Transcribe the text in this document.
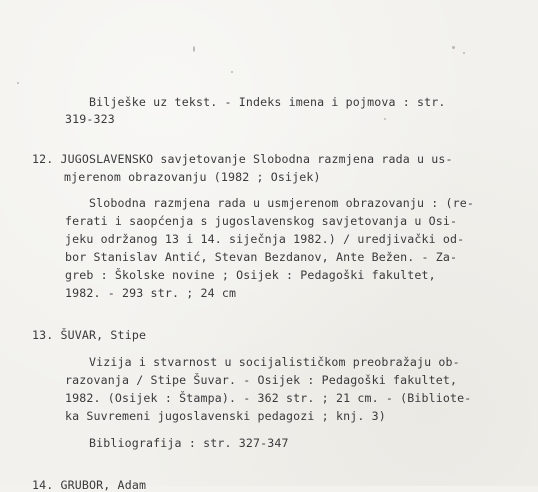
Bilješke uz tekst. - Indeks imena i pojmova : str.
319-323
12. JUGOSLAVENSKO savjetovanje Slobodna razmjena rada u us-
mjerenom obrazovanju (1982 ; Osijek)
Slobodna razmjena rada u usmjerenom obrazovanju : (re-
ferati i saopćenja s jugoslavenskog savjetovanja u Osi-
jeku održanog 13 i 14. siječnja 1982.) / uredjivački od-
bor Stanislav Antić, Stevan Bezdanov, Ante Bežen. - Za-
greb : Školske novine ; Osijek : Pedagoški fakultet,
1982. - 293 str. ; 24 cm
13. ŠUVAR, Stipe
Vizija i stvarnost u socijalističkom preobražaju ob-
razovanja / Stipe Šuvar. - Osijek : Pedagoški fakultet,
1982. (Osijek : Štampa). - 362 str. ; 21 cm. - (Bibliote-
ka Suvremeni jugoslavenski pedagozi ; knj. 3)
Bibliografija : str. 327-347
14. GRUBOR, Adam
